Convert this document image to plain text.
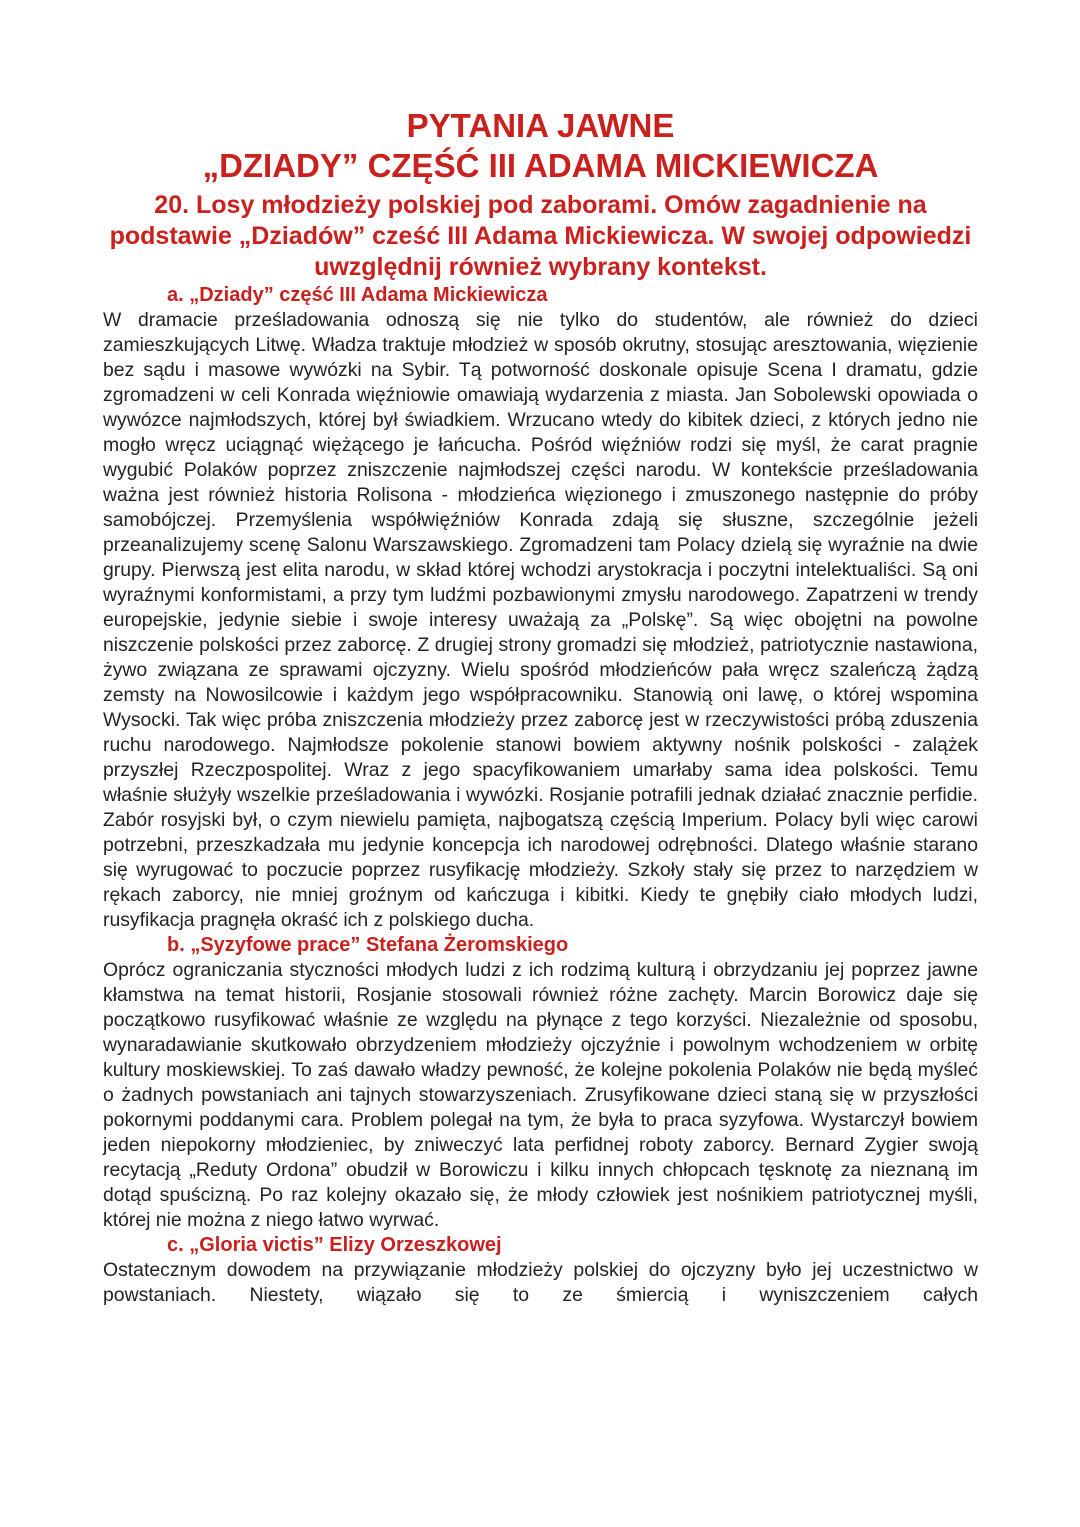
PYTANIA JAWNE
„DZIADY” CZĘŚĆ III ADAMA MICKIEWICZA

20. Losy młodzieży polskiej pod zaborami. Omów zagadnienie na podstawie „Dziadów” cześć III Adama Mickiewicza. W swojej odpowiedzi uwzględnij również wybrany kontekst.

a. „Dziady” część III Adama Mickiewicza

W dramacie prześladowania odnoszą się nie tylko do studentów, ale również do dzieci zamieszkujących Litwę. Władza traktuje młodzież w sposób okrutny, stosując aresztowania, więzienie bez sądu i masowe wywózki na Sybir. Tą potworność doskonale opisuje Scena I dramatu, gdzie zgromadzeni w celi Konrada więźniowie omawiają wydarzenia z miasta. Jan Sobolewski opowiada o wywózce najmłodszych, której był świadkiem. Wrzucano wtedy do kibitek dzieci, z których jedno nie mogło wręcz uciągnąć więżącego je łańcucha. Pośród więźniów rodzi się myśl, że carat pragnie wygubić Polaków poprzez zniszczenie najmłodszej części narodu. W kontekście prześladowania ważna jest również historia Rolisona - młodzieńca więzionego i zmuszonego następnie do próby samobójczej. Przemyślenia współwięźniów Konrada zdają się słuszne, szczególnie jeżeli przeanalizujemy scenę Salonu Warszawskiego. Zgromadzeni tam Polacy dzielą się wyraźnie na dwie grupy. Pierwszą jest elita narodu, w skład której wchodzi arystokracja i poczytni intelektualiści. Są oni wyraźnymi konformistami, a przy tym ludźmi pozbawionymi zmysłu narodowego. Zapatrzeni w trendy europejskie, jedynie siebie i swoje interesy uważają za „Polskę”. Są więc obojętni na powolne niszczenie polskości przez zaborcę. Z drugiej strony gromadzi się młodzież, patriotycznie nastawiona, żywo związana ze sprawami ojczyzny. Wielu spośród młodzieńców pała wręcz szaleńczą żądzą zemsty na Nowosilcowie i każdym jego współpracowniku. Stanowią oni lawę, o której wspomina Wysocki. Tak więc próba zniszczenia młodzieży przez zaborcę jest w rzeczywistości próbą zduszenia ruchu narodowego. Najmłodsze pokolenie stanowi bowiem aktywny nośnik polskości - zalążek przyszłej Rzeczpospolitej. Wraz z jego spacyfikowaniem umarłaby sama idea polskości. Temu właśnie służyły wszelkie prześladowania i wywózki. Rosjanie potrafili jednak działać znacznie perfidie. Zabór rosyjski był, o czym niewielu pamięta, najbogatszą częścią Imperium. Polacy byli więc carowi potrzebni, przeszkadzała mu jedynie koncepcja ich narodowej odrębności. Dlatego właśnie starano się wyrugować to poczucie poprzez rusyfikację młodzieży. Szkoły stały się przez to narzędziem w rękach zaborcy, nie mniej groźnym od kańczuga i kibitki. Kiedy te gnębiły ciało młodych ludzi, rusyfikacja pragnęła okraść ich z polskiego ducha.

b. „Syzyfowe prace” Stefana Żeromskiego

Oprócz ograniczania styczności młodych ludzi z ich rodzimą kulturą i obrzydzaniu jej poprzez jawne kłamstwa na temat historii, Rosjanie stosowali również różne zachęty. Marcin Borowicz daje się początkowo rusyfikować właśnie ze względu na płynące z tego korzyści. Niezależnie od sposobu, wynaradawianie skutkowało obrzydzeniem młodzieży ojczyźnie i powolnym wchodzeniem w orbitę kultury moskiewskiej. To zaś dawało władzy pewność, że kolejne pokolenia Polaków nie będą myśleć o żadnych powstaniach ani tajnych stowarzyszeniach. Zrusyfikowane dzieci staną się w przyszłości pokornymi poddanymi cara. Problem polegał na tym, że była to praca syzyfowa. Wystarczył bowiem jeden niepokorny młodzieniec, by zniweczyć lata perfidnej roboty zaborcy. Bernard Zygier swoją recytacją „Reduty Ordona” obudził w Borowiczu i kilku innych chłopcach tęsknotę za nieznaną im dotąd spuścizną. Po raz kolejny okazało się, że młody człowiek jest nośnikiem patriotycznej myśli, której nie można z niego łatwo wyrwać.

c. „Gloria victis” Elizy Orzeszkowej

Ostatecznym dowodem na przywiązanie młodzieży polskiej do ojczyzny było jej uczestnictwo w powstaniach. Niestety, wiązało się to ze śmiercią i wyniszczeniem całych
